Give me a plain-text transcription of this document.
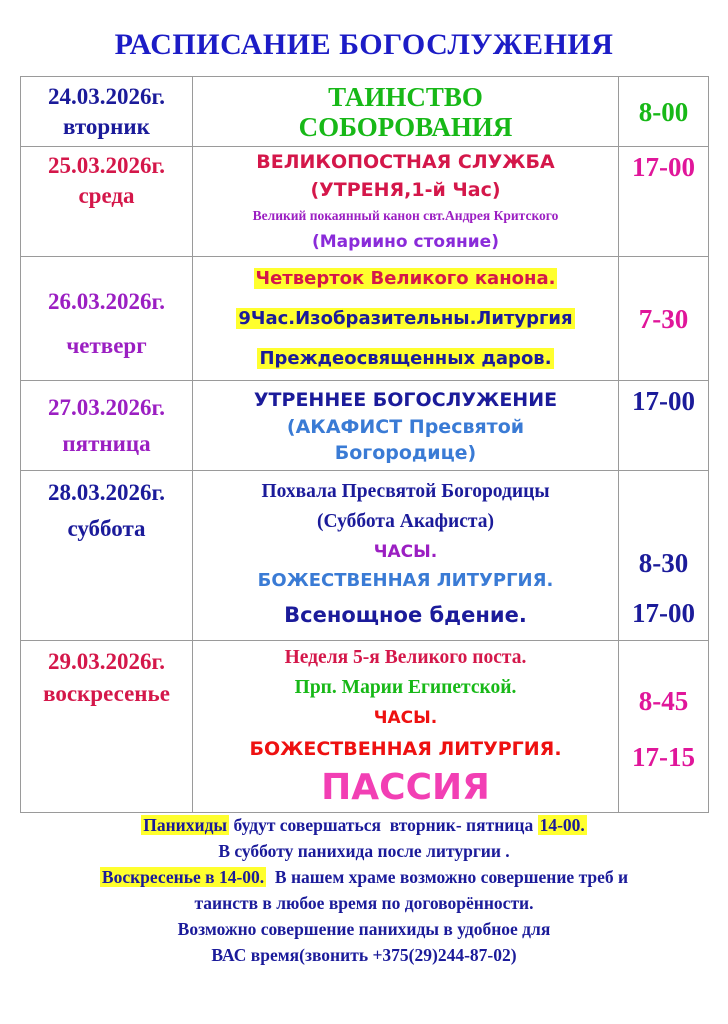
РАСПИСАНИЕ БОГОСЛУЖЕНИЯ
24.03.2026г.
вторник	ТАИНСТВО
СОБОРОВАНИЯ	8-00

25.03.2026г.
среда	ВЕЛИКОПОСТНАЯ СЛУЖБА
(УТРЕНЯ,1-й Час)
Великий покаянный канон свт.Андрея Критского
(Мариино стояние)	17-00

26.03.2026г.
четверг	Четверток Великого канона.
9Час.Изобразительны.Литургия
Преждеосвященных даров.	7-30

27.03.2026г.
пятница	УТРЕННЕЕ БОГОСЛУЖЕНИЕ
(АКАФИСТ Пресвятой
Богородице)	17-00

28.03.2026г.
суббота	Похвала Пресвятой Богородицы
(Суббота Акафиста)
ЧАСЫ.
БОЖЕСТВЕННАЯ ЛИТУРГИЯ.
Всенощное бдение.	8-30
17-00

29.03.2026г.
воскресенье	Неделя 5-я Великого поста.
Прп. Марии Египетской.
ЧАСЫ.
БОЖЕСТВЕННАЯ ЛИТУРГИЯ.
ПАССИЯ	8-45
17-15
Панихиды будут совершаться  вторник- пятница 14-00.
В субботу панихида после литургии .
Воскресенье в 14-00.  В нашем храме возможно совершение треб и
таинств в любое время по договорённости.
Возможно совершение панихиды в удобное для
ВАС время(звонить +375(29)244-87-02)
